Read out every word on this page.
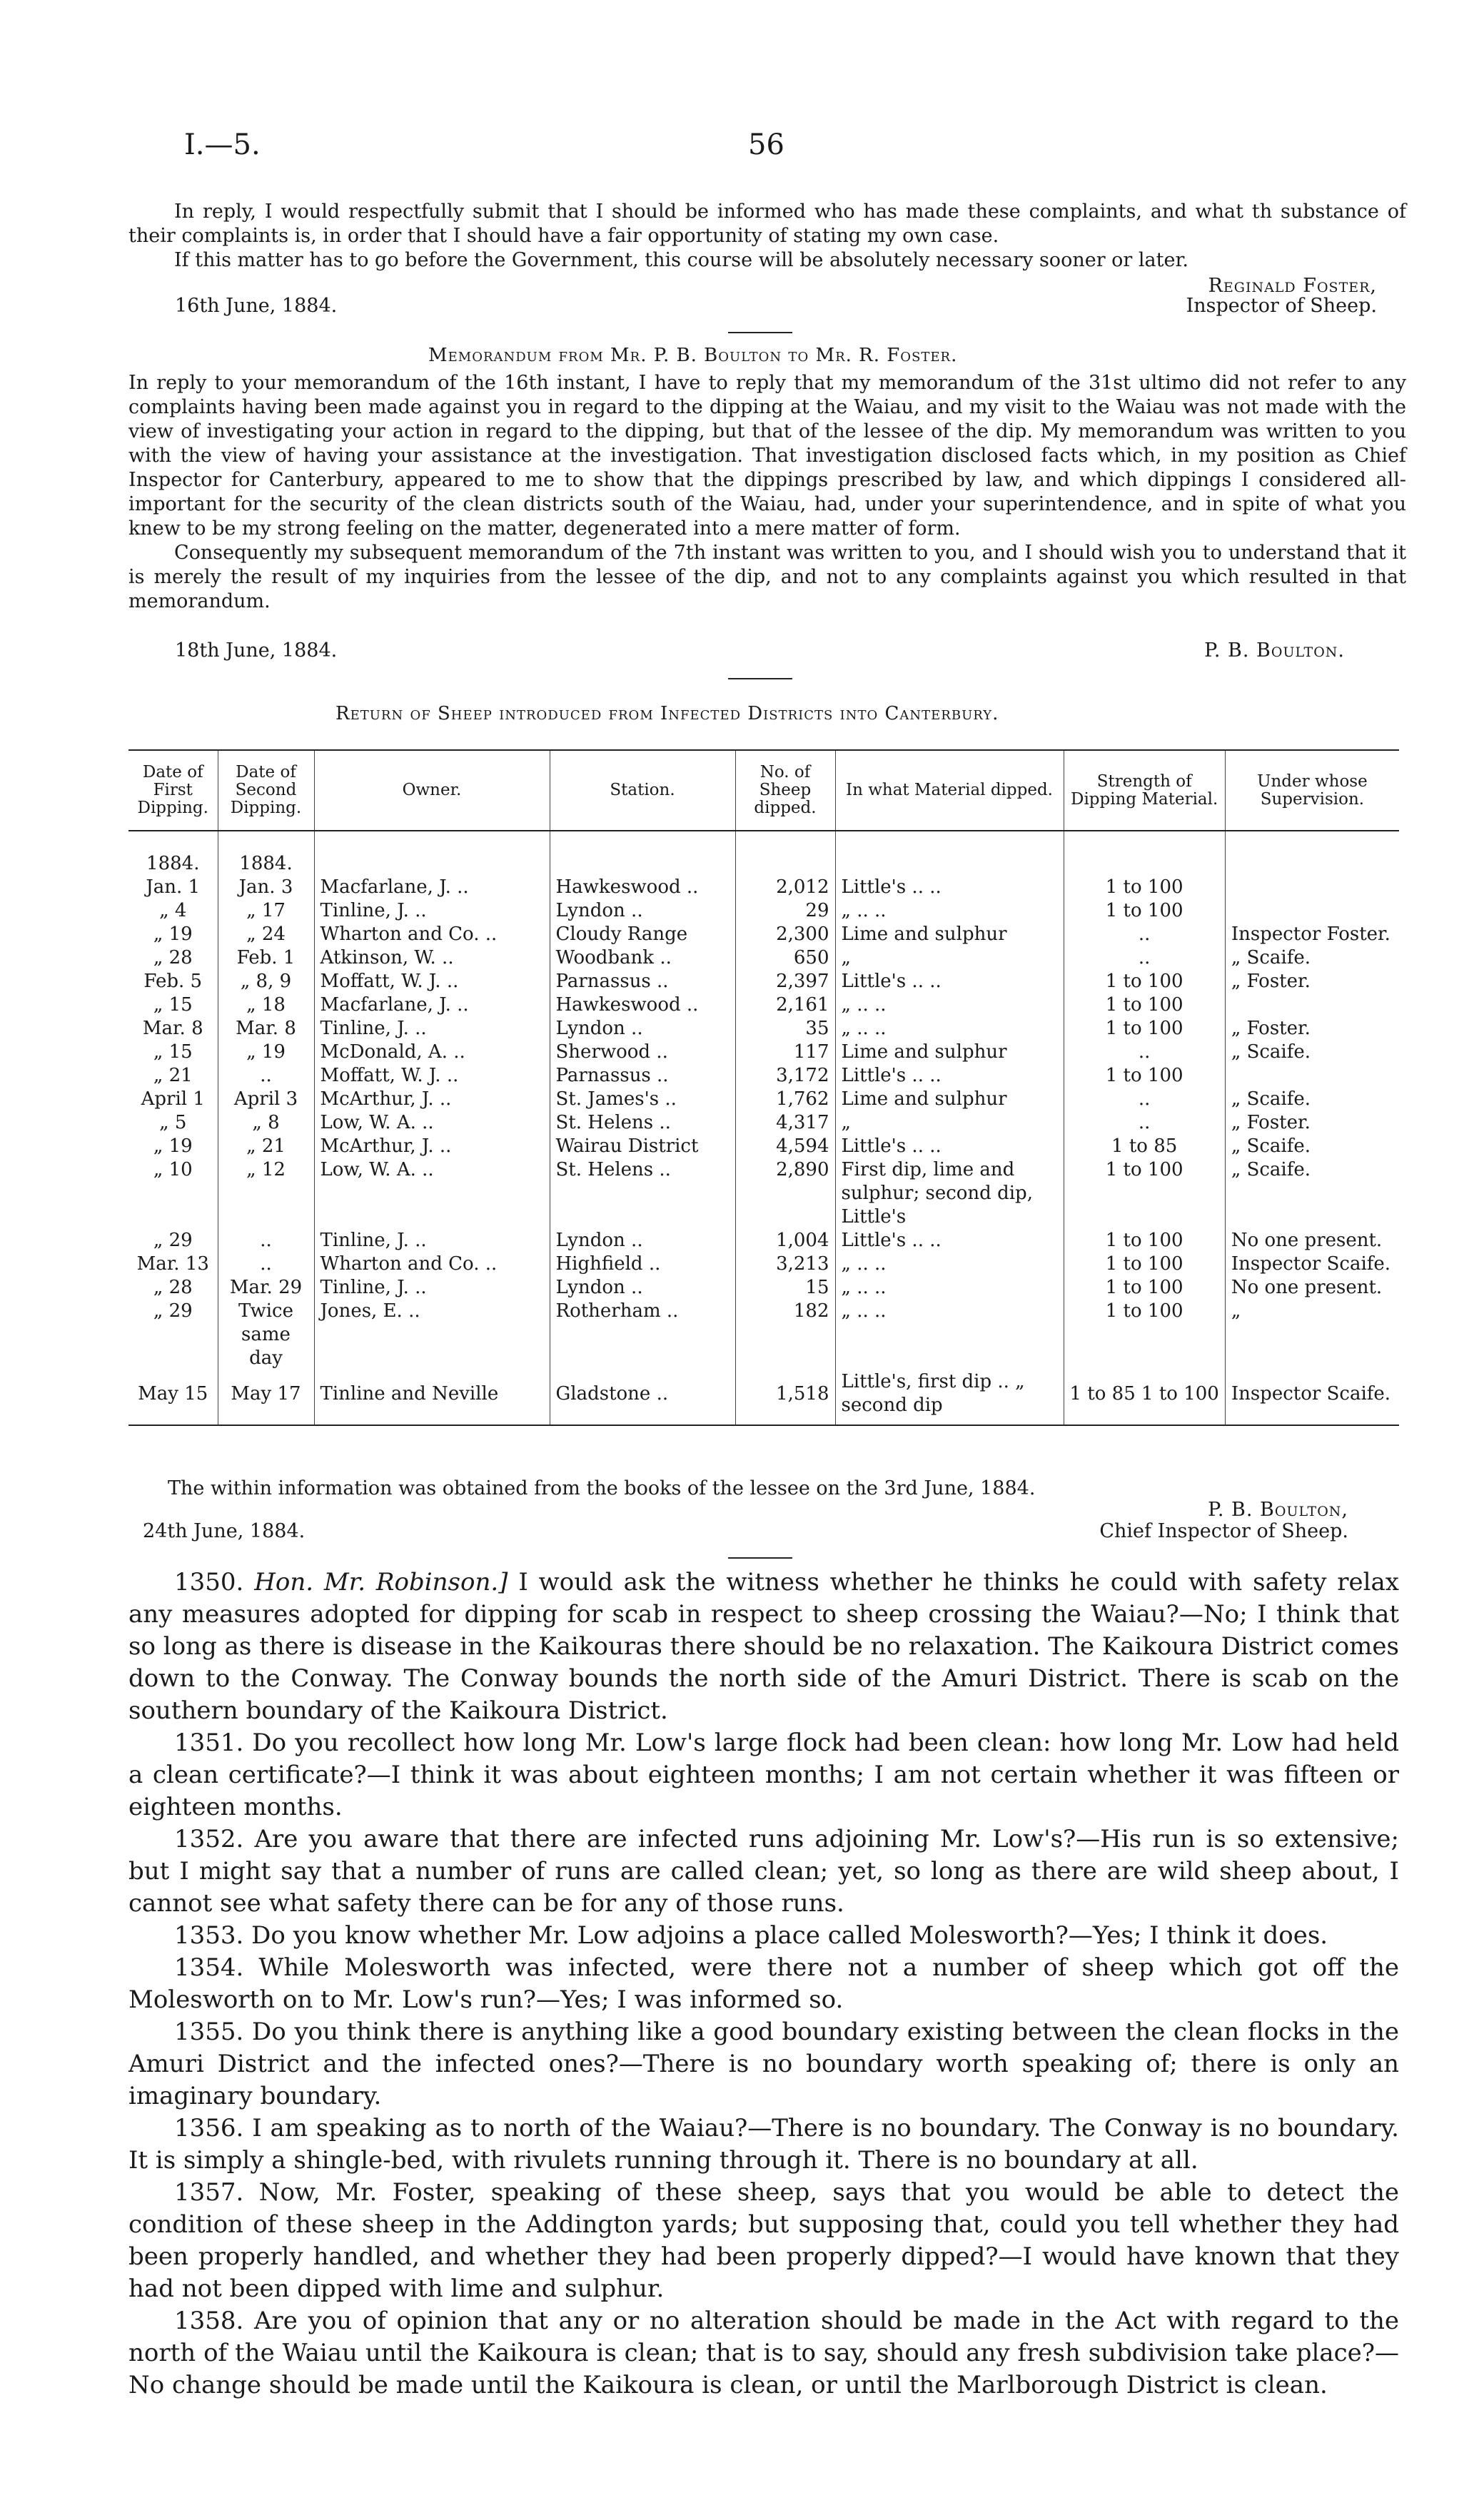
I.—5.	56

In reply, I would respectfully submit that I should be informed who has made these complaints, and what th substance of their complaints is, in order that I should have a fair opportunity of stating my own case.

If this matter has to go before the Government, this course will be absolutely necessary sooner or later.

Reginald Foster,
16th June, 1884.	Inspector of Sheep.
Memorandum from Mr. P. B. Boulton to Mr. R. Foster.

In reply to your memorandum of the 16th instant, I have to reply that my memorandum of the 31st ultimo did not refer to any complaints having been made against you in regard to the dipping at the Waiau, and my visit to the Waiau was not made with the view of investigating your action in regard to the dipping, but that of the lessee of the dip. My memorandum was written to you with the view of having your assistance at the investigation. That investigation disclosed facts which, in my position as Chief Inspector for Canterbury, appeared to me to show that the dippings prescribed by law, and which dippings I considered all-important for the security of the clean districts south of the Waiau, had, under your superintendence, and in spite of what you knew to be my strong feeling on the matter, degenerated into a mere matter of form.

Consequently my subsequent memorandum of the 7th instant was written to you, and I should wish you to understand that it is merely the result of my inquiries from the lessee of the dip, and not to any complaints against you which resulted in that memorandum.

18th June, 1884.	P. B. Boulton.
Return of Sheep introduced from Infected Districts into Canterbury.
Date of First Dipping.	Date of Second Dipping.	Owner.	Station.	No. of Sheep dipped.	In what Material dipped.	Strength of Dipping Material.	Under whose Supervision.

1884.	1884.						
Jan. 1	Jan. 3	Macfarlane, J. ..	Hawkeswood ..	2,012	Little's .. ..	1 to 100	
„ 4	„ 17	Tinline, J. ..	Lyndon ..	29	„ .. ..	1 to 100	
„ 19	„ 24	Wharton and Co. ..	Cloudy Range	2,300	Lime and sulphur	..	Inspector Foster.
„ 28	Feb. 1	Atkinson, W. ..	Woodbank ..	650	„	..	„ Scaife.
Feb. 5	„ 8, 9	Moffatt, W. J. ..	Parnassus ..	2,397	Little's .. ..	1 to 100	„ Foster.
„ 15	„ 18	Macfarlane, J. ..	Hawkeswood ..	2,161	„ .. ..	1 to 100	
Mar. 8	Mar. 8	Tinline, J. ..	Lyndon ..	35	„ .. ..	1 to 100	„ Foster.
„ 15	„ 19	McDonald, A. ..	Sherwood ..	117	Lime and sulphur	..	„ Scaife.
„ 21	..	Moffatt, W. J. ..	Parnassus ..	3,172	Little's .. ..	1 to 100	
April 1	April 3	McArthur, J. ..	St. James's ..	1,762	Lime and sulphur	..	„ Scaife.
„ 5	„ 8	Low, W. A. ..	St. Helens ..	4,317	„	..	„ Foster.
„ 19	„ 21	McArthur, J. ..	Wairau District	4,594	Little's .. ..	1 to 85	„ Scaife.
„ 10	„ 12	Low, W. A. ..	St. Helens ..	2,890	First dip, lime and sulphur; second dip, Little's	1 to 100	„ Scaife.
„ 29	..	Tinline, J. ..	Lyndon ..	1,004	Little's .. ..	1 to 100	No one present.
Mar. 13	..	Wharton and Co. ..	Highfield ..	3,213	„ .. ..	1 to 100	Inspector Scaife.
„ 28	Mar. 29	Tinline, J. ..	Lyndon ..	15	„ .. ..	1 to 100	No one present.
„ 29	Twice same day	Jones, E. ..	Rotherham ..	182	„ .. ..	1 to 100	„
May 15	May 17	Tinline and Neville	Gladstone ..	1,518	Little's, first dip .. „ second dip	1 to 85 1 to 100	Inspector Scaife.
The within information was obtained from the books of the lessee on the 3rd June, 1884.
P. B. Boulton,
24th June, 1884.	Chief Inspector of Sheep.

1350. Hon. Mr. Robinson.] I would ask the witness whether he thinks he could with safety relax any measures adopted for dipping for scab in respect to sheep crossing the Waiau?—No; I think that so long as there is disease in the Kaikouras there should be no relaxation. The Kaikoura District comes down to the Conway. The Conway bounds the north side of the Amuri District. There is scab on the southern boundary of the Kaikoura District.

1351. Do you recollect how long Mr. Low's large flock had been clean: how long Mr. Low had held a clean certificate?—I think it was about eighteen months; I am not certain whether it was fifteen or eighteen months.

1352. Are you aware that there are infected runs adjoining Mr. Low's?—His run is so extensive; but I might say that a number of runs are called clean; yet, so long as there are wild sheep about, I cannot see what safety there can be for any of those runs.

1353. Do you know whether Mr. Low adjoins a place called Molesworth?—Yes; I think it does.

1354. While Molesworth was infected, were there not a number of sheep which got off the Molesworth on to Mr. Low's run?—Yes; I was informed so.

1355. Do you think there is anything like a good boundary existing between the clean flocks in the Amuri District and the infected ones?—There is no boundary worth speaking of; there is only an imaginary boundary.

1356. I am speaking as to north of the Waiau?—There is no boundary. The Conway is no boundary. It is simply a shingle-bed, with rivulets running through it. There is no boundary at all.

1357. Now, Mr. Foster, speaking of these sheep, says that you would be able to detect the condition of these sheep in the Addington yards; but supposing that, could you tell whether they had been properly handled, and whether they had been properly dipped?—I would have known that they had not been dipped with lime and sulphur.

1358. Are you of opinion that any or no alteration should be made in the Act with regard to the north of the Waiau until the Kaikoura is clean; that is to say, should any fresh subdivision take place?—No change should be made until the Kaikoura is clean, or until the Marlborough District is clean.
